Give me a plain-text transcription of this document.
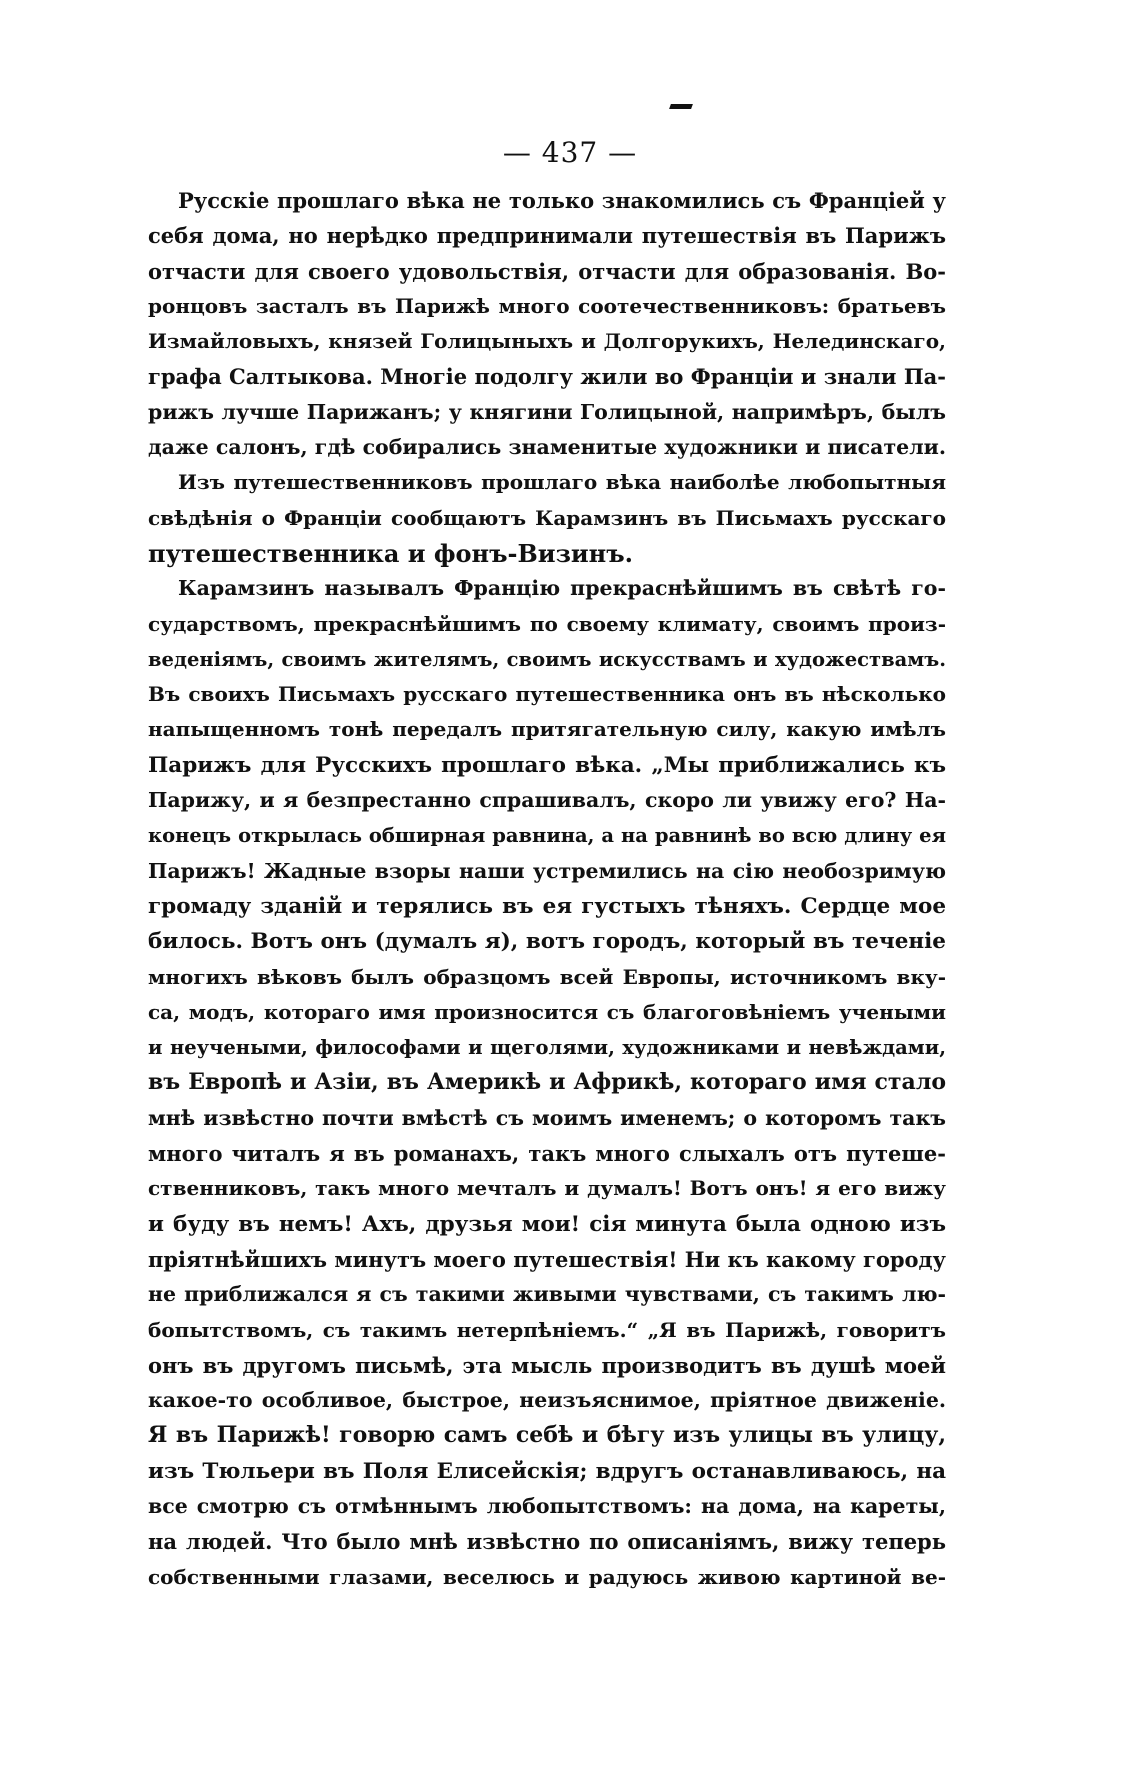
— 437 —
Русскіе прошлаго вѣка не только знакомились съ Франціей у
себя дома, но нерѣдко предпринимали путешествія въ Парижъ
отчасти для своего удовольствія, отчасти для образованія. Во-
ронцовъ засталъ въ Парижѣ много соотечественниковъ: братьевъ
Измайловыхъ, князей Голицыныхъ и Долгорукихъ, Нелединскаго,
графа Салтыкова. Многіе подолгу жили во Франціи и знали Па-
рижъ лучше Парижанъ; у княгини Голицыной, напримѣръ, былъ
даже салонъ, гдѣ собирались знаменитые художники и писатели.
Изъ путешественниковъ прошлаго вѣка наиболѣе любопытныя
свѣдѣнія о Франціи сообщаютъ Карамзинъ въ Письмахъ русскаго
путешественника и фонъ-Визинъ.
Карамзинъ называлъ Францію прекраснѣйшимъ въ свѣтѣ го-
сударствомъ, прекраснѣйшимъ по своему климату, своимъ произ-
веденіямъ, своимъ жителямъ, своимъ искусствамъ и художествамъ.
Въ своихъ Письмахъ русскаго путешественника онъ въ нѣсколько
напыщенномъ тонѣ передалъ притягательную силу, какую имѣлъ
Парижъ для Русскихъ прошлаго вѣка. „Мы приближались къ
Парижу, и я безпрестанно спрашивалъ, скоро ли увижу его? На-
конецъ открылась обширная равнина, а на равнинѣ во всю длину ея
Парижъ! Жадные взоры наши устремились на сію необозримую
громаду зданій и терялись въ ея густыхъ тѣняхъ. Сердце мое
билось. Вотъ онъ (думалъ я), вотъ городъ, который въ теченіе
многихъ вѣковъ былъ образцомъ всей Европы, источникомъ вку-
са, модъ, котораго имя произносится съ благоговѣніемъ учеными
и неучеными, философами и щеголями, художниками и невѣждами,
въ Европѣ и Азіи, въ Америкѣ и Африкѣ, котораго имя стало
мнѣ извѣстно почти вмѣстѣ съ моимъ именемъ; о которомъ такъ
много читалъ я въ романахъ, такъ много слыхалъ отъ путеше-
ственниковъ, такъ много мечталъ и думалъ! Вотъ онъ! я его вижу
и буду въ немъ! Ахъ, друзья мои! сія минута была одною изъ
пріятнѣйшихъ минутъ моего путешествія! Ни къ какому городу
не приближался я съ такими живыми чувствами, съ такимъ лю-
бопытствомъ, съ такимъ нетерпѣніемъ.“ „Я въ Парижѣ, говоритъ
онъ въ другомъ письмѣ, эта мысль производитъ въ душѣ моей
какое-то особливое, быстрое, неизъяснимое, пріятное движеніе.
Я въ Парижѣ! говорю самъ себѣ и бѣгу изъ улицы въ улицу,
изъ Тюльери въ Поля Елисейскія; вдругъ останавливаюсь, на
все смотрю съ отмѣннымъ любопытствомъ: на дома, на кареты,
на людей. Что было мнѣ извѣстно по описаніямъ, вижу теперь
собственными глазами, веселюсь и радуюсь живою картиной ве-
